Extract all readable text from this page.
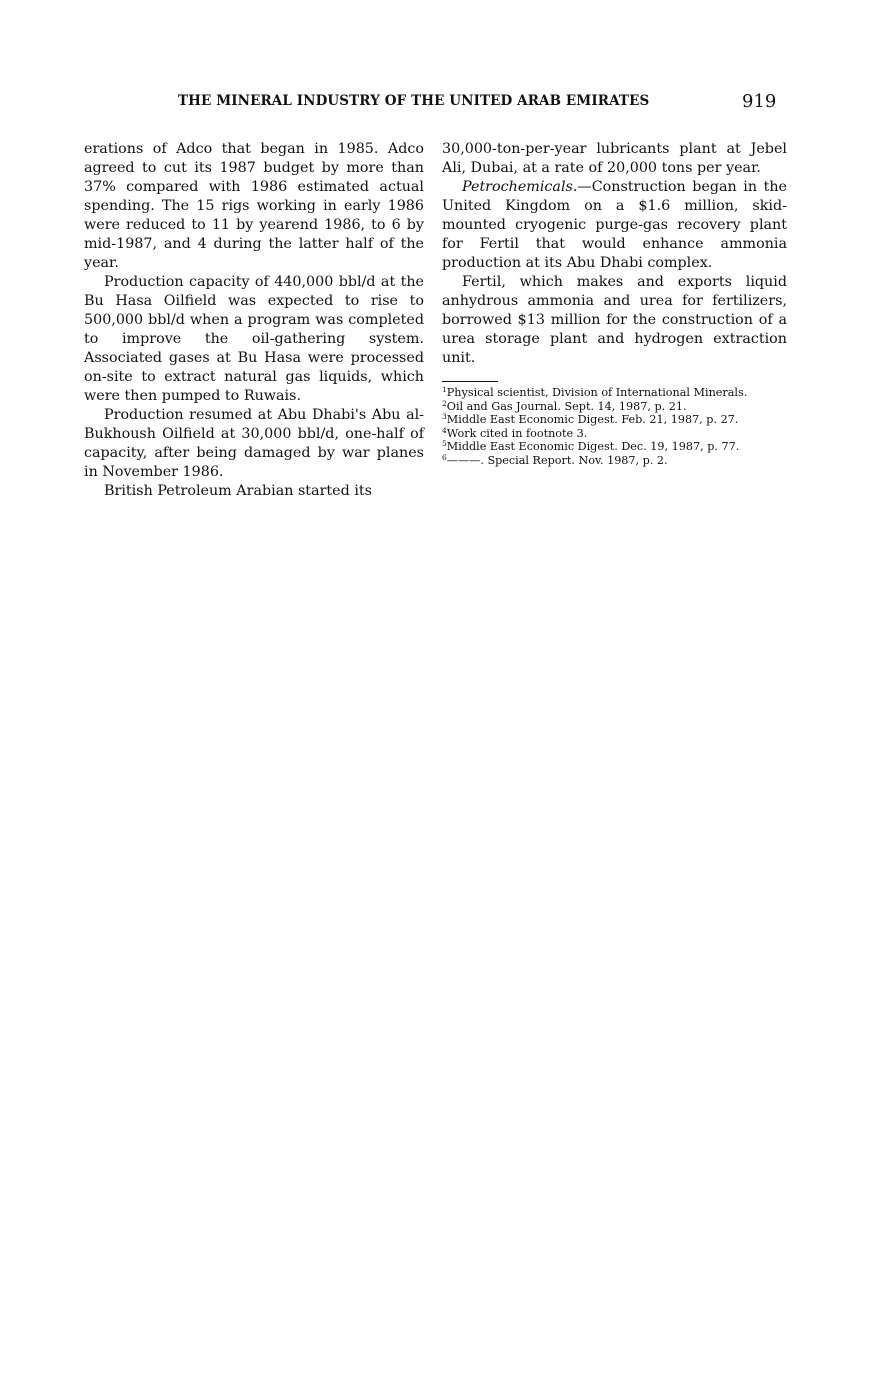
THE MINERAL INDUSTRY OF THE UNITED ARAB EMIRATES	919

erations of Adco that began in 1985. Adco agreed to cut its 1987 budget by more than 37% compared with 1986 estimated actual spending. The 15 rigs working in early 1986 were reduced to 11 by yearend 1986, to 6 by mid-1987, and 4 during the latter half of the year.

Production capacity of 440,000 bbl/d at the Bu Hasa Oilfield was expected to rise to 500,000 bbl/d when a program was completed to improve the oil-gathering system. Associated gases at Bu Hasa were processed on-site to extract natural gas liquids, which were then pumped to Ruwais.

Production resumed at Abu Dhabi's Abu al-Bukhoush Oilfield at 30,000 bbl/d, one-half of capacity, after being damaged by war planes in November 1986.

British Petroleum Arabian started its

30,000-ton-per-year lubricants plant at Jebel Ali, Dubai, at a rate of 20,000 tons per year.

Petrochemicals.—Construction began in the United Kingdom on a $1.6 million, skid-mounted cryogenic purge-gas recovery plant for Fertil that would enhance ammonia production at its Abu Dhabi complex.

Fertil, which makes and exports liquid anhydrous ammonia and urea for fertilizers, borrowed $13 million for the construction of a urea storage plant and hydrogen extraction unit.

$^1$Physical scientist, Division of International Minerals.

$^2$Oil and Gas Journal. Sept. 14, 1987, p. 21.

$^3$Middle East Economic Digest. Feb. 21, 1987, p. 27.

$^4$Work cited in footnote 3.

$^5$Middle East Economic Digest. Dec. 19, 1987, p. 77.

$^6$———. Special Report. Nov. 1987, p. 2.
